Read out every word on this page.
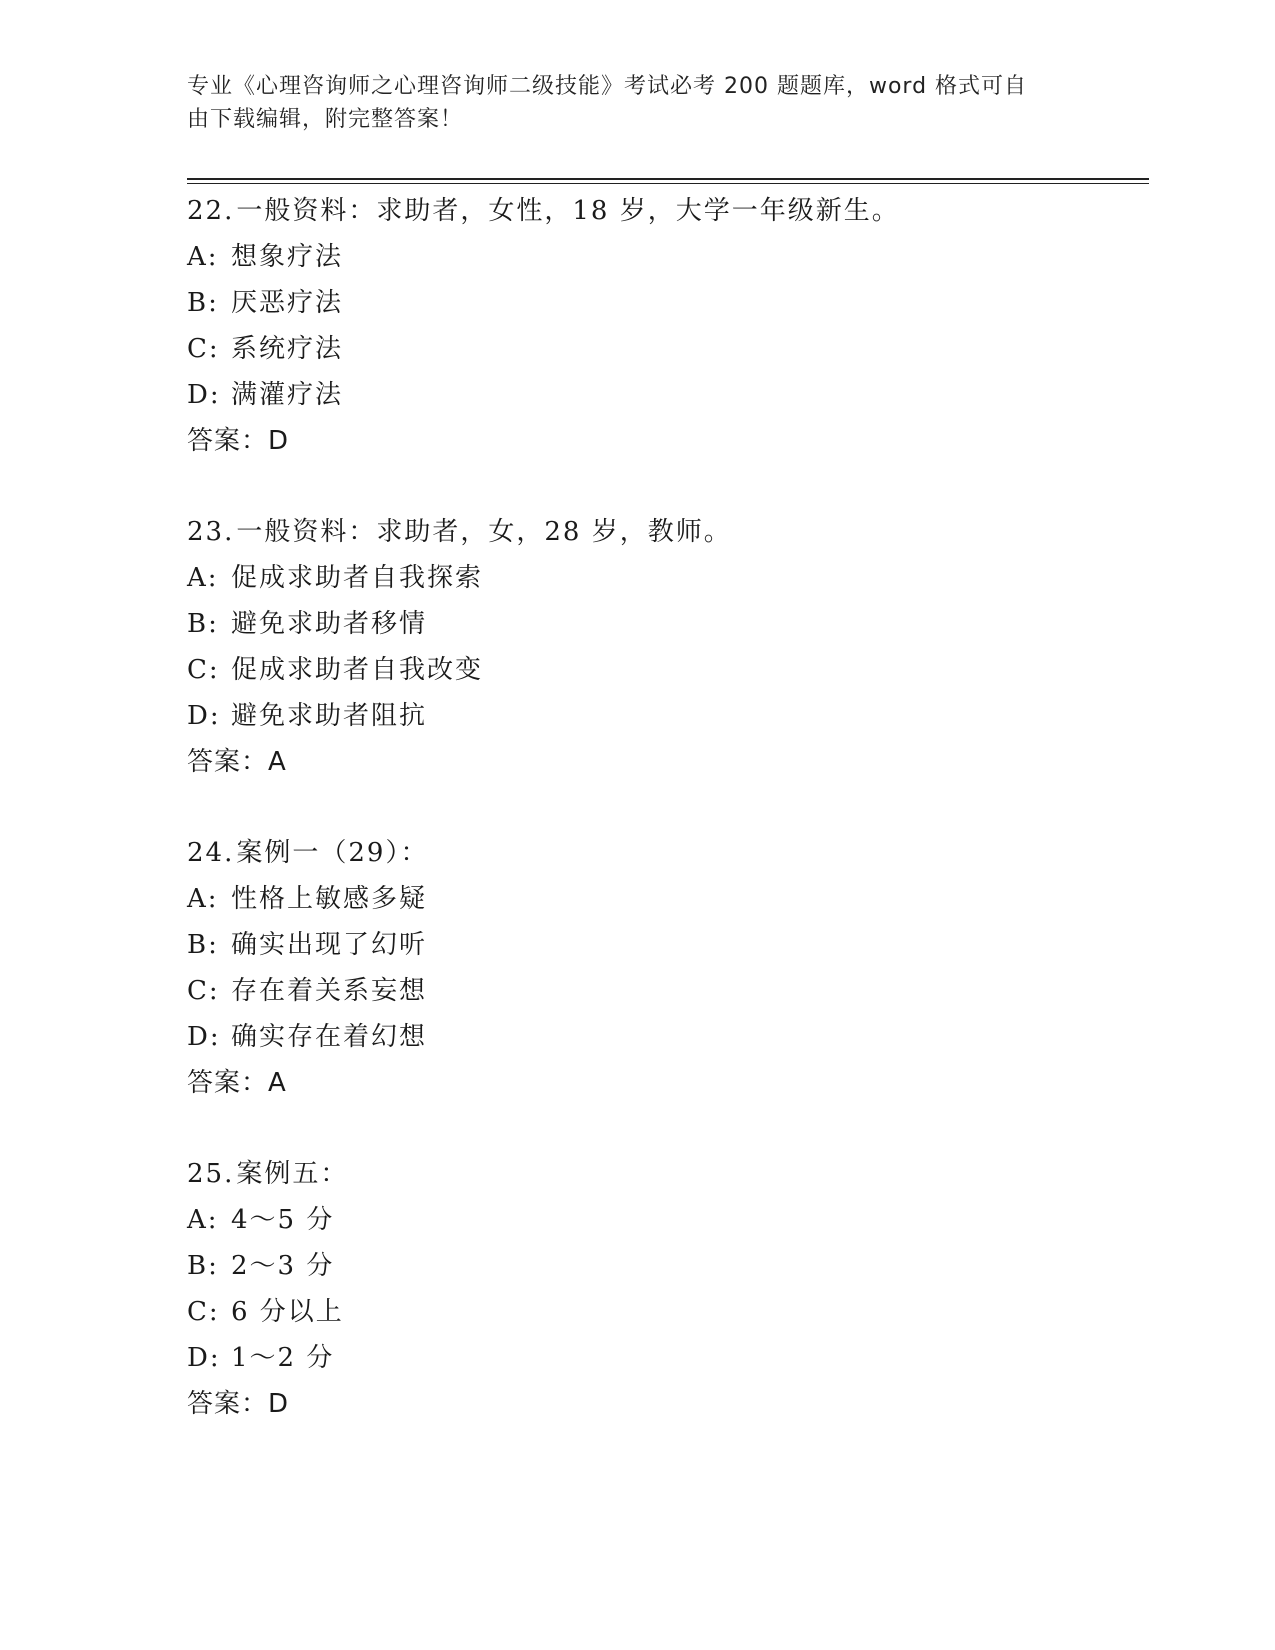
专业《心理咨询师之心理咨询师二级技能》考试必考 200 题题库，word 格式可自
由下载编辑，附完整答案！
22.一般资料：求助者，女性，18 岁，大学一年级新生。
A: 想象疗法
B: 厌恶疗法
C: 系统疗法
D: 满灌疗法
答案：D
23.一般资料：求助者，女，28 岁，教师。
A: 促成求助者自我探索
B: 避免求助者移情
C: 促成求助者自我改变
D: 避免求助者阻抗
答案：A
24.案例一（29）：
A: 性格上敏感多疑
B: 确实出现了幻听
C: 存在着关系妄想
D: 确实存在着幻想
答案：A
25.案例五：
A: 4～5 分
B: 2～3 分
C: 6 分以上
D: 1～2 分
答案：D
